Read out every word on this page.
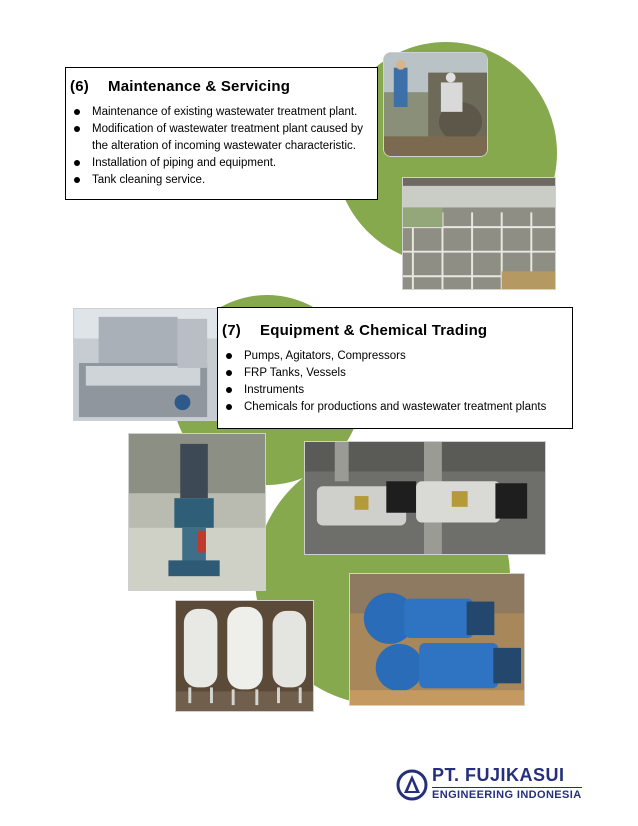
(6) Maintenance & Servicing
Maintenance of existing wastewater treatment plant.
Modification of wastewater treatment plant caused by the alteration of incoming wastewater characteristic.
Installation of piping and equipment.
Tank cleaning service.
(7) Equipment & Chemical Trading
Pumps, Agitators, Compressors
FRP Tanks, Vessels
Instruments
Chemicals for productions and wastewater treatment plants
PT. FUJIKASUI
ENGINEERING INDONESIA
